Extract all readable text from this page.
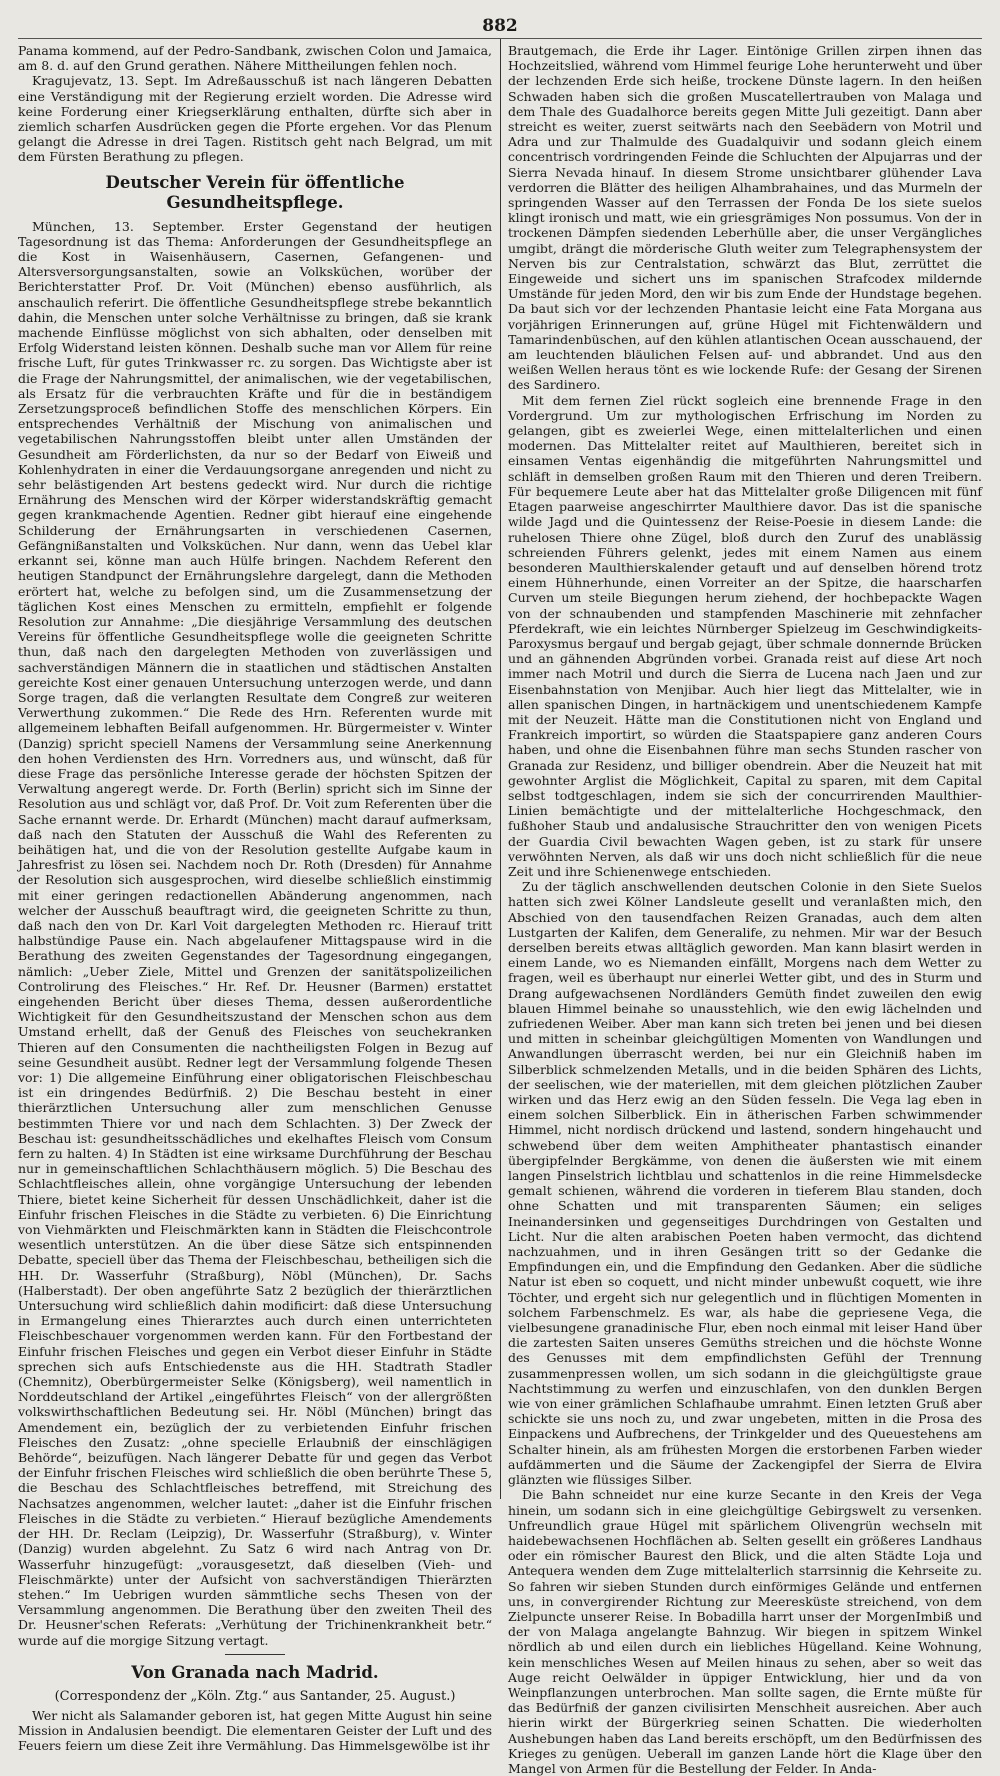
882

Panama kommend, auf der Pedro-Sandbank, zwischen Colon und Jamaica, am 8. d. auf den Grund gerathen. Nähere Mittheilungen fehlen noch.

Kragujevatz, 13. Sept. Im Adreßausschuß ist nach längeren Debatten eine Verständigung mit der Regierung erzielt worden. Die Adresse wird keine Forderung einer Kriegserklärung enthalten, dürfte sich aber in ziemlich scharfen Ausdrücken gegen die Pforte ergehen. Vor das Plenum gelangt die Adresse in drei Tagen. Ristitsch geht nach Belgrad, um mit dem Fürsten Berathung zu pflegen.

Deutscher Verein für öffentliche Gesundheitspflege.

München, 13. September. Erster Gegenstand der heutigen Tagesordnung ist das Thema: Anforderungen der Gesundheitspflege an die Kost in Waisenhäusern, Casernen, Gefangenen- und Altersversorgungsanstalten, sowie an Volksküchen, worüber der Berichterstatter Prof. Dr. Voit (München) ebenso ausführlich, als anschaulich referirt. Die öffentliche Gesundheitspflege strebe bekanntlich dahin, die Menschen unter solche Verhältnisse zu bringen, daß sie krank machende Einflüsse möglichst von sich abhalten, oder denselben mit Erfolg Widerstand leisten können. Deshalb suche man vor Allem für reine frische Luft, für gutes Trinkwasser rc. zu sorgen. Das Wichtigste aber ist die Frage der Nahrungsmittel, der animalischen, wie der vegetabilischen, als Ersatz für die verbrauchten Kräfte und für die in beständigem Zersetzungsproceß befindlichen Stoffe des menschlichen Körpers. Ein entsprechendes Verhältniß der Mischung von animalischen und vegetabilischen Nahrungsstoffen bleibt unter allen Umständen der Gesundheit am Förderlichsten, da nur so der Bedarf von Eiweiß und Kohlenhydraten in einer die Verdauungsorgane anregenden und nicht zu sehr belästigenden Art bestens gedeckt wird. Nur durch die richtige Ernährung des Menschen wird der Körper widerstandskräftig gemacht gegen krankmachende Agentien. Redner gibt hierauf eine eingehende Schilderung der Ernährungsarten in verschiedenen Casernen, Gefängnißanstalten und Volksküchen. Nur dann, wenn das Uebel klar erkannt sei, könne man auch Hülfe bringen. Nachdem Referent den heutigen Standpunct der Ernährungslehre dargelegt, dann die Methoden erörtert hat, welche zu befolgen sind, um die Zusammensetzung der täglichen Kost eines Menschen zu ermitteln, empfiehlt er folgende Resolution zur Annahme: „Die diesjährige Versammlung des deutschen Vereins für öffentliche Gesundheitspflege wolle die geeigneten Schritte thun, daß nach den dargelegten Methoden von zuverlässigen und sachverständigen Männern die in staatlichen und städtischen Anstalten gereichte Kost einer genauen Untersuchung unterzogen werde, und dann Sorge tragen, daß die verlangten Resultate dem Congreß zur weiteren Verwerthung zukommen.“ Die Rede des Hrn. Referenten wurde mit allgemeinem lebhaften Beifall aufgenommen. Hr. Bürgermeister v. Winter (Danzig) spricht speciell Namens der Versammlung seine Anerkennung den hohen Verdiensten des Hrn. Vorredners aus, und wünscht, daß für diese Frage das persönliche Interesse gerade der höchsten Spitzen der Verwaltung angeregt werde. Dr. Forth (Berlin) spricht sich im Sinne der Resolution aus und schlägt vor, daß Prof. Dr. Voit zum Referenten über die Sache ernannt werde. Dr. Erhardt (München) macht darauf aufmerksam, daß nach den Statuten der Ausschuß die Wahl des Referenten zu beihätigen hat, und die von der Resolution gestellte Aufgabe kaum in Jahresfrist zu lösen sei. Nachdem noch Dr. Roth (Dresden) für Annahme der Resolution sich ausgesprochen, wird dieselbe schließlich einstimmig mit einer geringen redactionellen Abänderung angenommen, nach welcher der Ausschuß beauftragt wird, die geeigneten Schritte zu thun, daß nach den von Dr. Karl Voit dargelegten Methoden rc. Hierauf tritt halbstündige Pause ein. Nach abgelaufener Mittagspause wird in die Berathung des zweiten Gegenstandes der Tagesordnung eingegangen, nämlich: „Ueber Ziele, Mittel und Grenzen der sanitätspolizeilichen Controlirung des Fleisches.“ Hr. Ref. Dr. Heusner (Barmen) erstattet eingehenden Bericht über dieses Thema, dessen außerordentliche Wichtigkeit für den Gesundheitszustand der Menschen schon aus dem Umstand erhellt, daß der Genuß des Fleisches von seuchekranken Thieren auf den Consumenten die nachtheiligsten Folgen in Bezug auf seine Gesundheit ausübt. Redner legt der Versammlung folgende Thesen vor: 1) Die allgemeine Einführung einer obligatorischen Fleischbeschau ist ein dringendes Bedürfniß. 2) Die Beschau besteht in einer thierärztlichen Untersuchung aller zum menschlichen Genusse bestimmten Thiere vor und nach dem Schlachten. 3) Der Zweck der Beschau ist: gesundheitsschädliches und ekelhaftes Fleisch vom Consum fern zu halten. 4) In Städten ist eine wirksame Durchführung der Beschau nur in gemeinschaftlichen Schlachthäusern möglich. 5) Die Beschau des Schlachtfleisches allein, ohne vorgängige Untersuchung der lebenden Thiere, bietet keine Sicherheit für dessen Unschädlichkeit, daher ist die Einfuhr frischen Fleisches in die Städte zu verbieten. 6) Die Einrichtung von Viehmärkten und Fleischmärkten kann in Städten die Fleischcontrole wesentlich unterstützen. An die über diese Sätze sich entspinnenden Debatte, speciell über das Thema der Fleischbeschau, betheiligen sich die HH. Dr. Wasserfuhr (Straßburg), Nöbl (München), Dr. Sachs (Halberstadt). Der oben angeführte Satz 2 bezüglich der thierärztlichen Untersuchung wird schließlich dahin modificirt: daß diese Untersuchung in Ermangelung eines Thierarztes auch durch einen unterrichteten Fleischbeschauer vorgenommen werden kann. Für den Fortbestand der Einfuhr frischen Fleisches und gegen ein Verbot dieser Einfuhr in Städte sprechen sich aufs Entschiedenste aus die HH. Stadtrath Stadler (Chemnitz), Oberbürgermeister Selke (Königsberg), weil namentlich in Norddeutschland der Artikel „eingeführtes Fleisch“ von der allergrößten volkswirthschaftlichen Bedeutung sei. Hr. Nöbl (München) bringt das Amendement ein, bezüglich der zu verbietenden Einfuhr frischen Fleisches den Zusatz: „ohne specielle Erlaubniß der einschlägigen Behörde“, beizufügen. Nach längerer Debatte für und gegen das Verbot der Einfuhr frischen Fleisches wird schließlich die oben berührte These 5, die Beschau des Schlachtfleisches betreffend, mit Streichung des Nachsatzes angenommen, welcher lautet: „daher ist die Einfuhr frischen Fleisches in die Städte zu verbieten.“ Hierauf bezügliche Amendements der HH. Dr. Reclam (Leipzig), Dr. Wasserfuhr (Straßburg), v. Winter (Danzig) wurden abgelehnt. Zu Satz 6 wird nach Antrag von Dr. Wasserfuhr hinzugefügt: „vorausgesetzt, daß dieselben (Vieh- und Fleischmärkte) unter der Aufsicht von sachverständigen Thierärzten stehen.“ Im Uebrigen wurden sämmtliche sechs Thesen von der Versammlung angenommen. Die Berathung über den zweiten Theil des Dr. Heusner'schen Referats: „Verhütung der Trichinenkrankheit betr.“ wurde auf die morgige Sitzung vertagt.

Von Granada nach Madrid.
(Correspondenz der „Köln. Ztg.“ aus Santander, 25. August.)

Wer nicht als Salamander geboren ist, hat gegen Mitte August hin seine Mission in Andalusien beendigt. Die elementaren Geister der Luft und des Feuers feiern um diese Zeit ihre Vermählung. Das Himmelsgewölbe ist ihr

Brautgemach, die Erde ihr Lager. Eintönige Grillen zirpen ihnen das Hochzeitslied, während vom Himmel feurige Lohe herunterweht und über der lechzenden Erde sich heiße, trockene Dünste lagern. In den heißen Schwaden haben sich die großen Muscatellertrauben von Malaga und dem Thale des Guadalhorce bereits gegen Mitte Juli gezeitigt. Dann aber streicht es weiter, zuerst seitwärts nach den Seebädern von Motril und Adra und zur Thalmulde des Guadalquivir und sodann gleich einem concentrisch vordringenden Feinde die Schluchten der Alpujarras und der Sierra Nevada hinauf. In diesem Strome unsichtbarer glühender Lava verdorren die Blätter des heiligen Alhambrahaines, und das Murmeln der springenden Wasser auf den Terrassen der Fonda De los siete suelos klingt ironisch und matt, wie ein griesgrämiges Non possumus. Von der in trockenen Dämpfen siedenden Leberhülle aber, die unser Vergängliches umgibt, drängt die mörderische Gluth weiter zum Telegraphensystem der Nerven bis zur Centralstation, schwärzt das Blut, zerrüttet die Eingeweide und sichert uns im spanischen Strafcodex mildernde Umstände für jeden Mord, den wir bis zum Ende der Hundstage begehen. Da baut sich vor der lechzenden Phantasie leicht eine Fata Morgana aus vorjährigen Erinnerungen auf, grüne Hügel mit Fichtenwäldern und Tamarindenbüschen, auf den kühlen atlantischen Ocean ausschauend, der am leuchtenden bläulichen Felsen auf- und abbrandet. Und aus den weißen Wellen heraus tönt es wie lockende Rufe: der Gesang der Sirenen des Sardinero.

Mit dem fernen Ziel rückt sogleich eine brennende Frage in den Vordergrund. Um zur mythologischen Erfrischung im Norden zu gelangen, gibt es zweierlei Wege, einen mittelalterlichen und einen modernen. Das Mittelalter reitet auf Maulthieren, bereitet sich in einsamen Ventas eigenhändig die mitgeführten Nahrungsmittel und schläft in demselben großen Raum mit den Thieren und deren Treibern. Für bequemere Leute aber hat das Mittelalter große Diligencen mit fünf Etagen paarweise angeschirrter Maulthiere davor. Das ist die spanische wilde Jagd und die Quintessenz der Reise-Poesie in diesem Lande: die ruhelosen Thiere ohne Zügel, bloß durch den Zuruf des unablässig schreienden Führers gelenkt, jedes mit einem Namen aus einem besonderen Maulthierskalender getauft und auf denselben hörend trotz einem Hühnerhunde, einen Vorreiter an der Spitze, die haarscharfen Curven um steile Biegungen herum ziehend, der hochbepackte Wagen von der schnaubenden und stampfenden Maschinerie mit zehnfacher Pferdekraft, wie ein leichtes Nürnberger Spielzeug im Geschwindigkeits-Paroxysmus bergauf und bergab gejagt, über schmale donnernde Brücken und an gähnenden Abgründen vorbei. Granada reist auf diese Art noch immer nach Motril und durch die Sierra de Lucena nach Jaen und zur Eisenbahnstation von Menjibar. Auch hier liegt das Mittelalter, wie in allen spanischen Dingen, in hartnäckigem und unentschiedenem Kampfe mit der Neuzeit. Hätte man die Constitutionen nicht von England und Frankreich importirt, so würden die Staatspapiere ganz anderen Cours haben, und ohne die Eisenbahnen führe man sechs Stunden rascher von Granada zur Residenz, und billiger obendrein. Aber die Neuzeit hat mit gewohnter Arglist die Möglichkeit, Capital zu sparen, mit dem Capital selbst todtgeschlagen, indem sie sich der concurrirenden Maulthier-Linien bemächtigte und der mittelalterliche Hochgeschmack, den fußhoher Staub und andalusische Strauchritter den von wenigen Picets der Guardia Civil bewachten Wagen geben, ist zu stark für unsere verwöhnten Nerven, als daß wir uns doch nicht schließlich für die neue Zeit und ihre Schienenwege entschieden.

Zu der täglich anschwellenden deutschen Colonie in den Siete Suelos hatten sich zwei Kölner Landsleute gesellt und veranlaßten mich, den Abschied von den tausendfachen Reizen Granadas, auch dem alten Lustgarten der Kalifen, dem Generalife, zu nehmen. Mir war der Besuch derselben bereits etwas alltäglich geworden. Man kann blasirt werden in einem Lande, wo es Niemanden einfällt, Morgens nach dem Wetter zu fragen, weil es überhaupt nur einerlei Wetter gibt, und des in Sturm und Drang aufgewachsenen Nordländers Gemüth findet zuweilen den ewig blauen Himmel beinahe so unausstehlich, wie den ewig lächelnden und zufriedenen Weiber. Aber man kann sich treten bei jenen und bei diesen und mitten in scheinbar gleichgültigen Momenten von Wandlungen und Anwandlungen überrascht werden, bei nur ein Gleichniß haben im Silberblick schmelzenden Metalls, und in die beiden Sphären des Lichts, der seelischen, wie der materiellen, mit dem gleichen plötzlichen Zauber wirken und das Herz ewig an den Süden fesseln. Die Vega lag eben in einem solchen Silberblick. Ein in ätherischen Farben schwimmender Himmel, nicht nordisch drückend und lastend, sondern hingehaucht und schwebend über dem weiten Amphitheater phantastisch einander übergipfelnder Bergkämme, von denen die äußersten wie mit einem langen Pinselstrich lichtblau und schattenlos in die reine Himmelsdecke gemalt schienen, während die vorderen in tieferem Blau standen, doch ohne Schatten und mit transparenten Säumen; ein seliges Ineinandersinken und gegenseitiges Durchdringen von Gestalten und Licht. Nur die alten arabischen Poeten haben vermocht, das dichtend nachzuahmen, und in ihren Gesängen tritt so der Gedanke die Empfindungen ein, und die Empfindung den Gedanken. Aber die südliche Natur ist eben so coquett, und nicht minder unbewußt coquett, wie ihre Töchter, und ergeht sich nur gelegentlich und in flüchtigen Momenten in solchem Farbenschmelz. Es war, als habe die gepriesene Vega, die vielbesungene granadinische Flur, eben noch einmal mit leiser Hand über die zartesten Saiten unseres Gemüths streichen und die höchste Wonne des Genusses mit dem empfindlichsten Gefühl der Trennung zusammenpressen wollen, um sich sodann in die gleichgültigste graue Nachtstimmung zu werfen und einzuschlafen, von den dunklen Bergen wie von einer grämlichen Schlafhaube umrahmt. Einen letzten Gruß aber schickte sie uns noch zu, und zwar ungebeten, mitten in die Prosa des Einpackens und Aufbrechens, der Trinkgelder und des Queuestehens am Schalter hinein, als am frühesten Morgen die erstorbenen Farben wieder aufdämmerten und die Säume der Zackengipfel der Sierra de Elvira glänzten wie flüssiges Silber.

Die Bahn schneidet nur eine kurze Secante in den Kreis der Vega hinein, um sodann sich in eine gleichgültige Gebirgswelt zu versenken. Unfreundlich graue Hügel mit spärlichem Olivengrün wechseln mit haidebewachsenen Hochflächen ab. Selten gesellt ein größeres Landhaus oder ein römischer Baurest den Blick, und die alten Städte Loja und Antequera wenden dem Zuge mittelalterlich starrsinnig die Kehrseite zu. So fahren wir sieben Stunden durch einförmiges Gelände und entfernen uns, in convergirender Richtung zur Meeresküste streichend, von dem Zielpuncte unserer Reise. In Bobadilla harrt unser der MorgenImbiß und der von Malaga angelangte Bahnzug. Wir biegen in spitzem Winkel nördlich ab und eilen durch ein liebliches Hügelland. Keine Wohnung, kein menschliches Wesen auf Meilen hinaus zu sehen, aber so weit das Auge reicht Oelwälder in üppiger Entwicklung, hier und da von Weinpflanzungen unterbrochen. Man sollte sagen, die Ernte müßte für das Bedürfniß der ganzen civilisirten Menschheit ausreichen. Aber auch hierin wirkt der Bürgerkrieg seinen Schatten. Die wiederholten Aushebungen haben das Land bereits erschöpft, um den Bedürfnissen des Krieges zu genügen. Ueberall im ganzen Lande hört die Klage über den Mangel von Armen für die Bestellung der Felder. In Anda-
